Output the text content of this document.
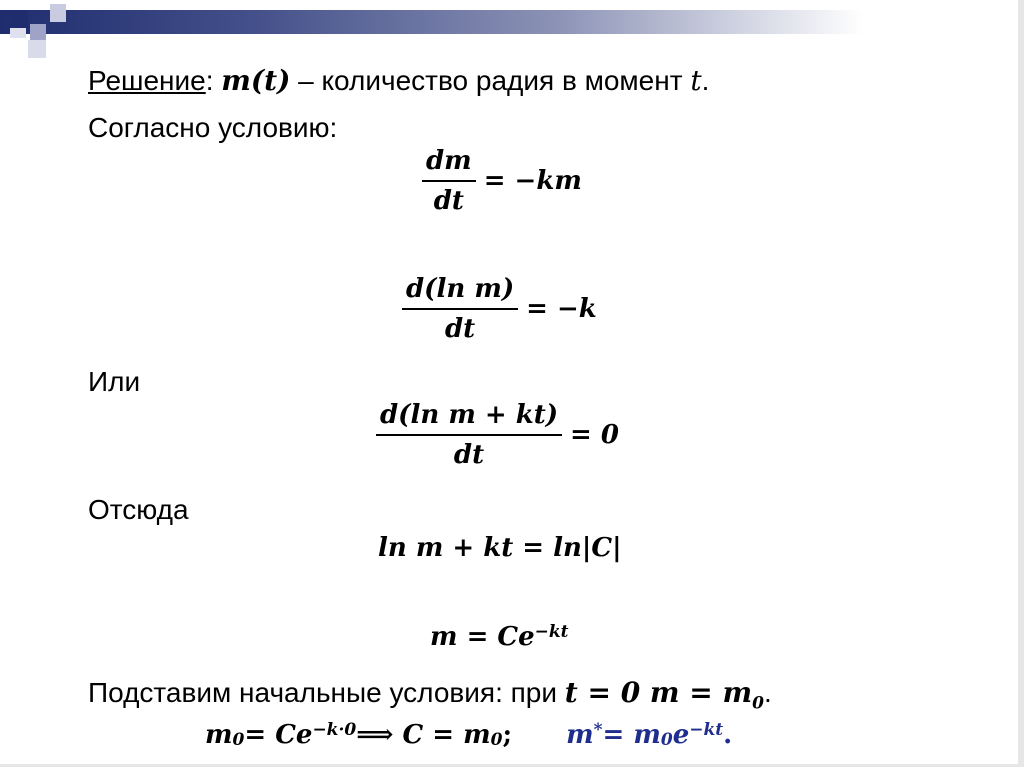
Решение: m(t) – количество радия в момент t.
Согласно условию:
$\frac{dm}{dt} = -km$
$\frac{\text{d(ln m)}}{dt} = -k$
Или
$\frac{\text{d(ln m + kt)}}{dt} = 0$
Отсюда
ln m + kt = ln|C|
m = Ce −kt
Подставим начальные условия: при t = 0 $m = m_0$.
m 0 = Ce −k·0 ⟹ C = m 0 ; m * = m 0 e −kt .
